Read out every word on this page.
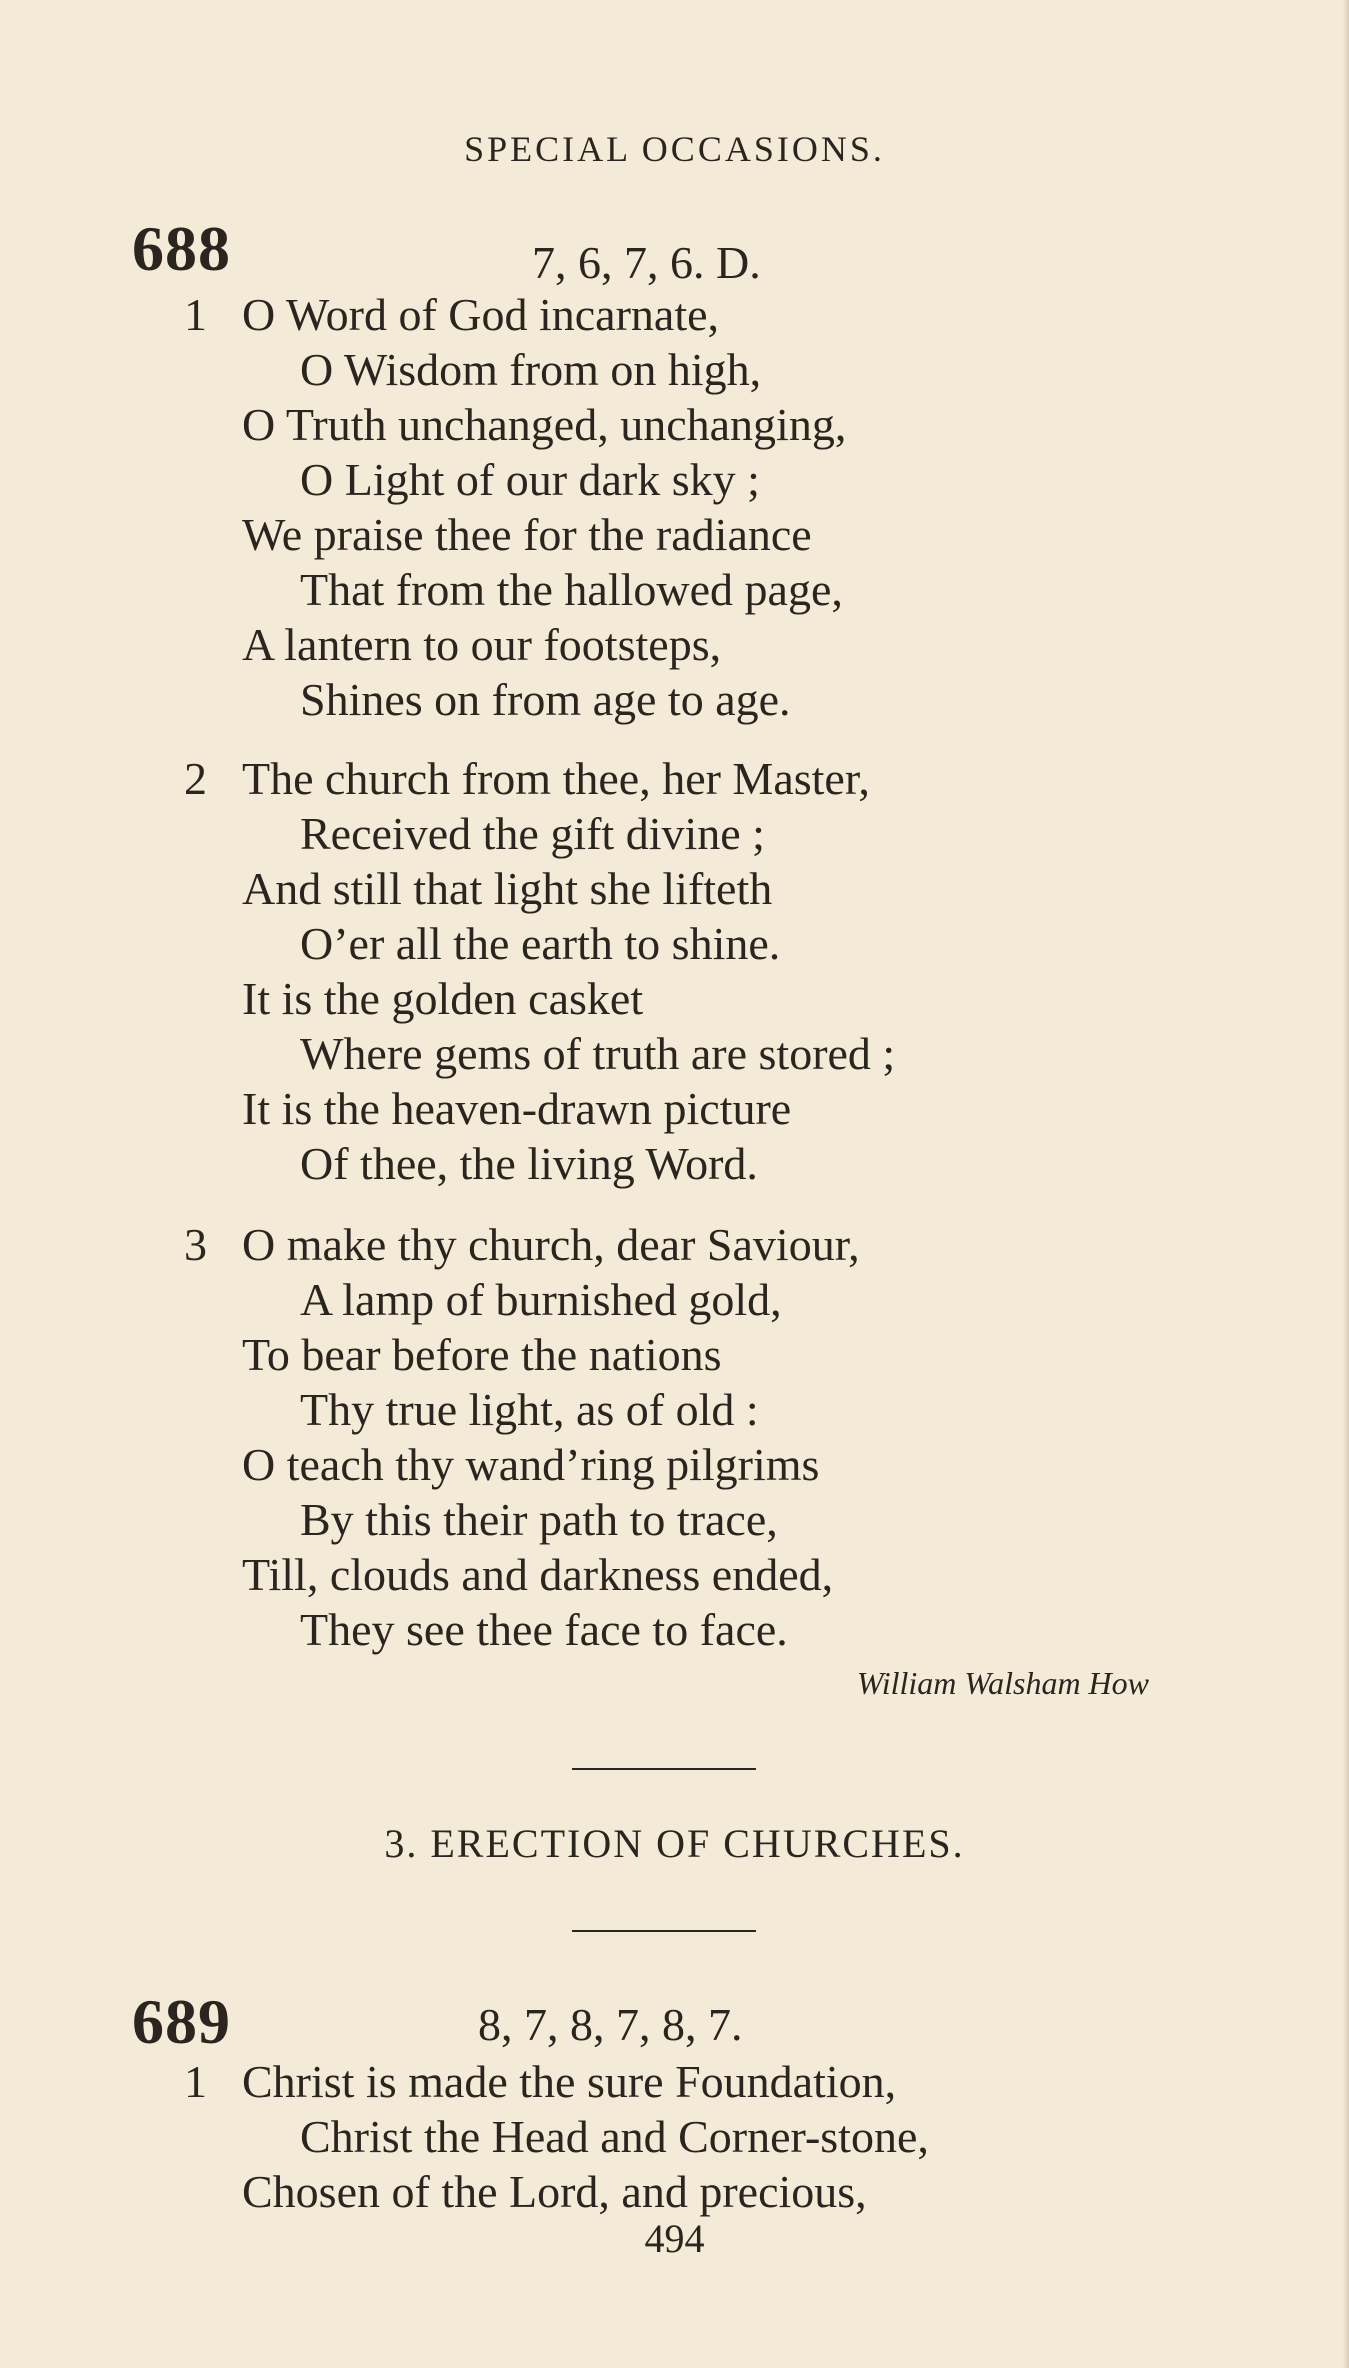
SPECIAL OCCASIONS.
688	7, 6, 7, 6. D.
1 O Word of God incarnate,
O Wisdom from on high,
O Truth unchanged, unchanging,
O Light of our dark sky ;
We praise thee for the radiance
That from the hallowed page,
A lantern to our footsteps,
Shines on from age to age.
2 The church from thee, her Master,
Received the gift divine ;
And still that light she lifteth
O’er all the earth to shine.
It is the golden casket
Where gems of truth are stored ;
It is the heaven-drawn picture
Of thee, the living Word.
3 O make thy church, dear Saviour,
A lamp of burnished gold,
To bear before the nations
Thy true light, as of old :
O teach thy wand’ring pilgrims
By this their path to trace,
Till, clouds and darkness ended,
They see thee face to face.
William Walsham How
3. ERECTION OF CHURCHES.
689	8, 7, 8, 7, 8, 7.
1 Christ is made the sure Foundation,
Christ the Head and Corner-stone,
Chosen of the Lord, and precious,
494
